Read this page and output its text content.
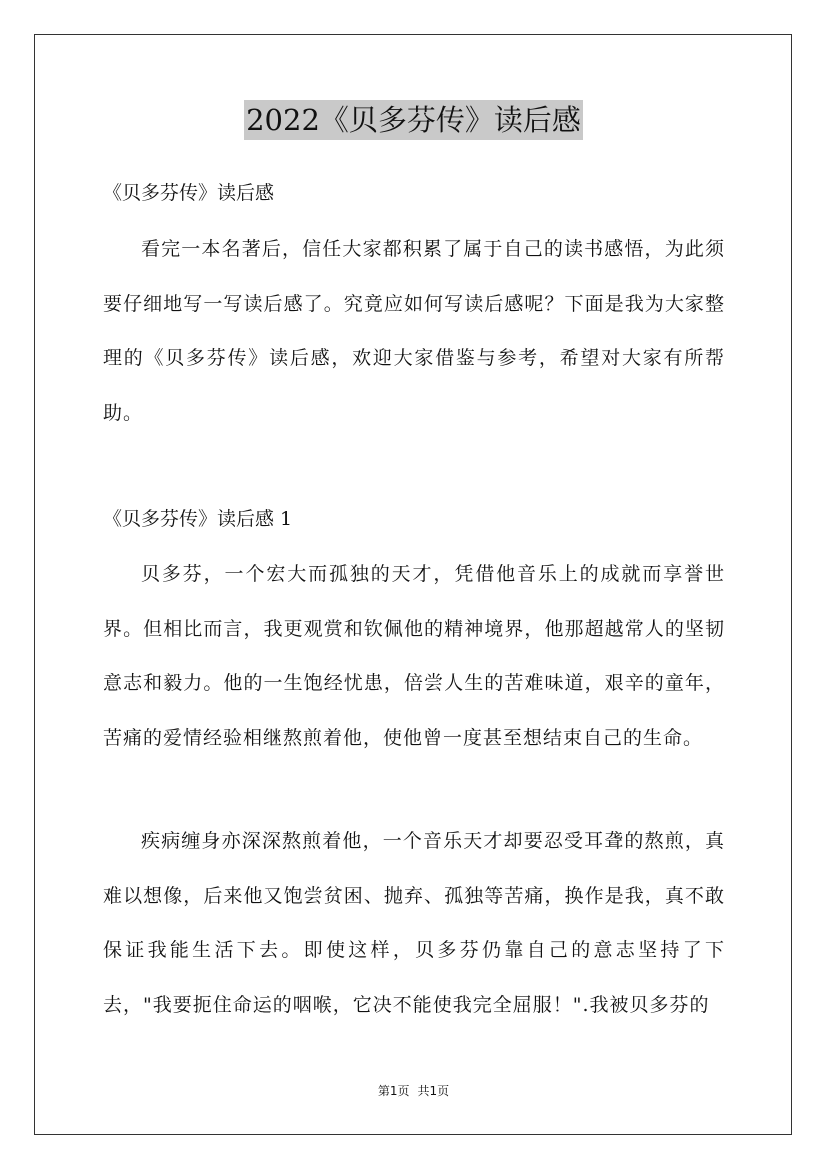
2022《贝多芬传》读后感
《贝多芬传》读后感
看完一本名著后，信任大家都积累了属于自己的读书感悟，为此须要仔细地写一写读后感了。究竟应如何写读后感呢？下面是我为大家整理的《贝多芬传》读后感，欢迎大家借鉴与参考，希望对大家有所帮助。
《贝多芬传》读后感 1
贝多芬，一个宏大而孤独的天才，凭借他音乐上的成就而享誉世界。但相比而言，我更观赏和钦佩他的精神境界，他那超越常人的坚韧意志和毅力。他的一生饱经忧患，倍尝人生的苦难味道，艰辛的童年，苦痛的爱情经验相继熬煎着他，使他曾一度甚至想结束自己的生命。
疾病缠身亦深深熬煎着他，一个音乐天才却要忍受耳聋的熬煎，真难以想像，后来他又饱尝贫困、抛弃、孤独等苦痛，换作是我，真不敢保证我能生活下去。即使这样，贝多芬仍靠自己的意志坚持了下去，"我要扼住命运的咽喉，它决不能使我完全屈服！".我被贝多芬的
第1页 共1页
